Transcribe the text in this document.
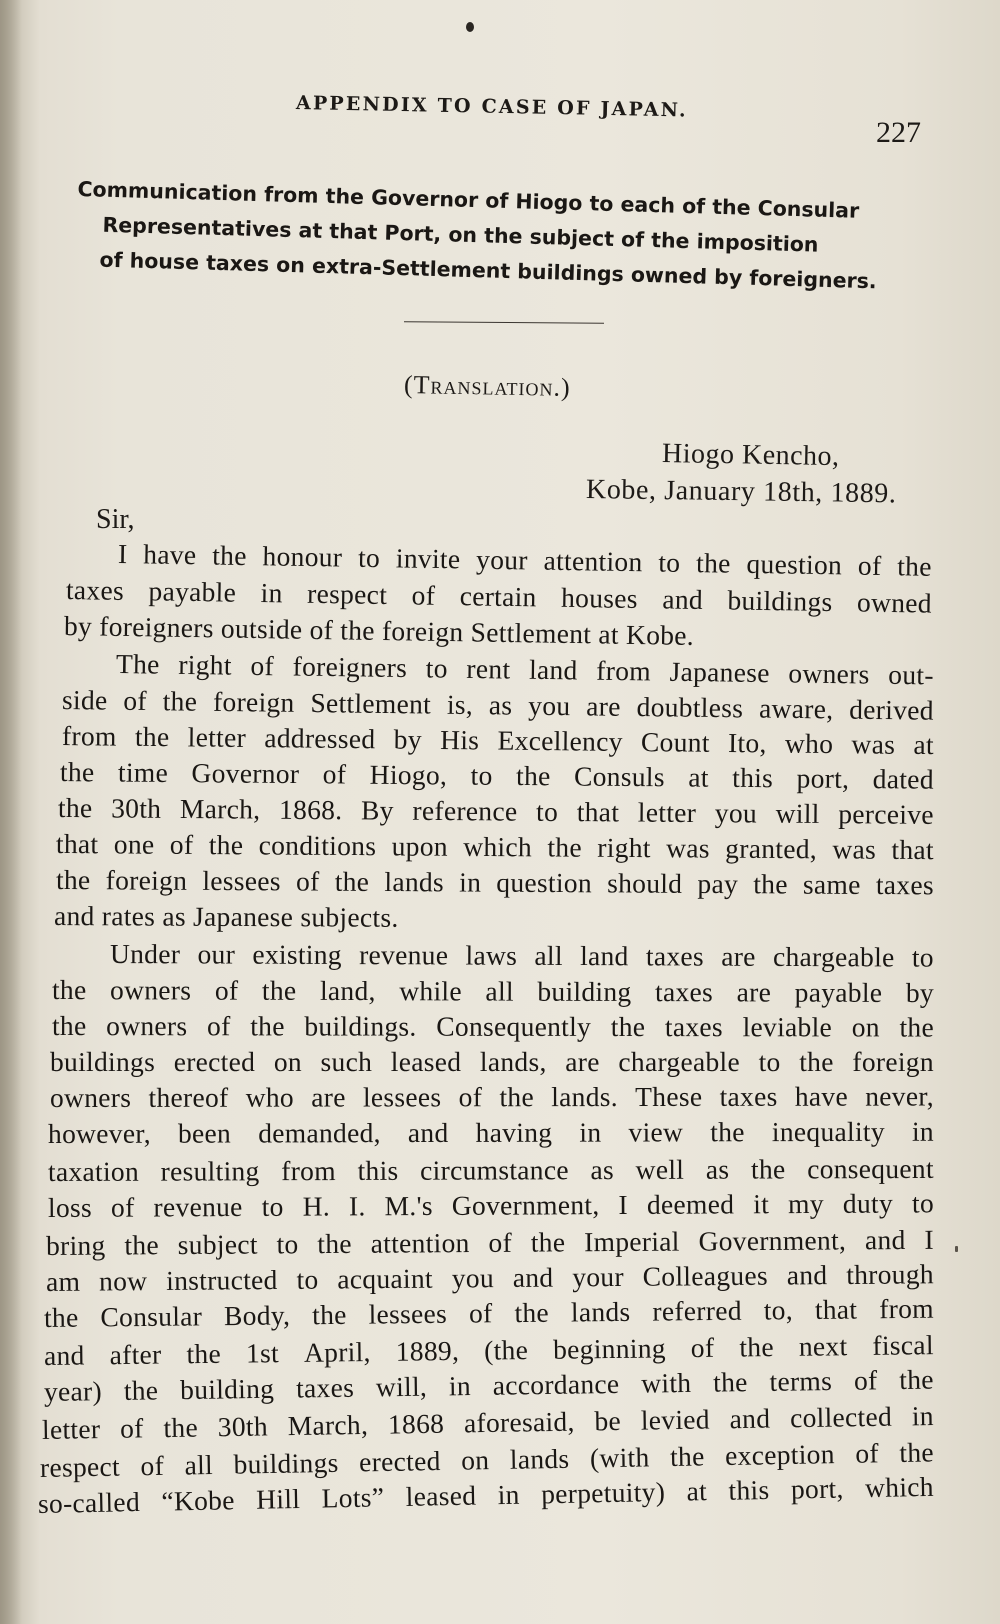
APPENDIX TO CASE OF JAPAN.
227
Communication from the Governor of Hiogo to each of the Consular
Representatives at that Port, on the subject of the imposition
of house taxes on extra-Settlement buildings owned by foreigners.
(Translation.)
Hiogo Kencho,
Kobe, January 18th, 1889.
Sir,
I have the honour to invite your attention to the question of the
taxes payable in respect of certain houses and buildings owned
by foreigners outside of the foreign Settlement at Kobe.
The right of foreigners to rent land from Japanese owners out-
side of the foreign Settlement is, as you are doubtless aware, derived
from the letter addressed by His Excellency Count Ito, who was at
the time Governor of Hiogo, to the Consuls at this port, dated
the 30th March, 1868. By reference to that letter you will perceive
that one of the conditions upon which the right was granted, was that
the foreign lessees of the lands in question should pay the same taxes
and rates as Japanese subjects.
Under our existing revenue laws all land taxes are chargeable to
the owners of the land, while all building taxes are payable by
the owners of the buildings. Consequently the taxes leviable on the
buildings erected on such leased lands, are chargeable to the foreign
owners thereof who are lessees of the lands. These taxes have never,
however, been demanded, and having in view the inequality in
taxation resulting from this circumstance as well as the consequent
loss of revenue to H. I. M.'s Government, I deemed it my duty to
bring the subject to the attention of the Imperial Government, and I
am now instructed to acquaint you and your Colleagues and through
the Consular Body, the lessees of the lands referred to, that from
and after the 1st April, 1889, (the beginning of the next fiscal
year) the building taxes will, in accordance with the terms of the
letter of the 30th March, 1868 aforesaid, be levied and collected in
respect of all buildings erected on lands (with the exception of the
so-called “Kobe Hill Lots” leased in perpetuity) at this port, which
